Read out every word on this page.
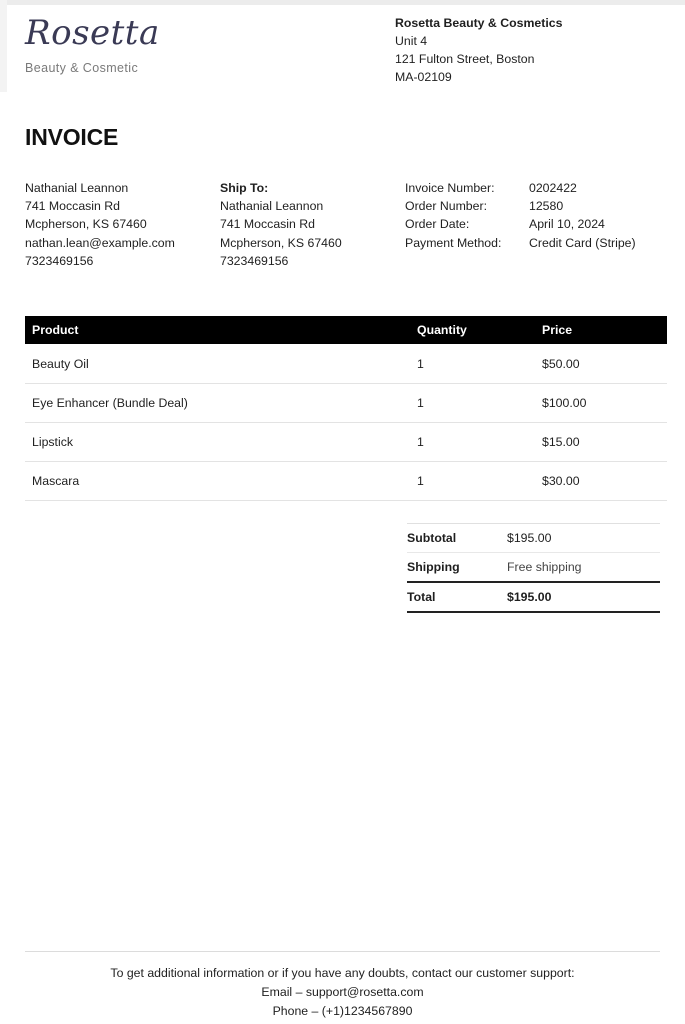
Rosetta
Beauty & Cosmetic
Rosetta Beauty & Cosmetics
Unit 4
121 Fulton Street, Boston
MA-02109
INVOICE
Nathanial Leannon
741 Moccasin Rd
Mcpherson, KS 67460
nathan.lean@example.com
7323469156
Ship To:
Nathanial Leannon
741 Moccasin Rd
Mcpherson, KS 67460
7323469156
Invoice Number:	0202422
Order Number:	12580
Order Date:	April 10, 2024
Payment Method:	Credit Card (Stripe)
Product	Quantity	Price
Beauty Oil	1	$50.00
Eye Enhancer (Bundle Deal)	1	$100.00
Lipstick	1	$15.00
Mascara	1	$30.00
Subtotal	$195.00
Shipping	Free shipping
Total	$195.00
To get additional information or if you have any doubts, contact our customer support:
Email – support@rosetta.com
Phone – (+1)1234567890
